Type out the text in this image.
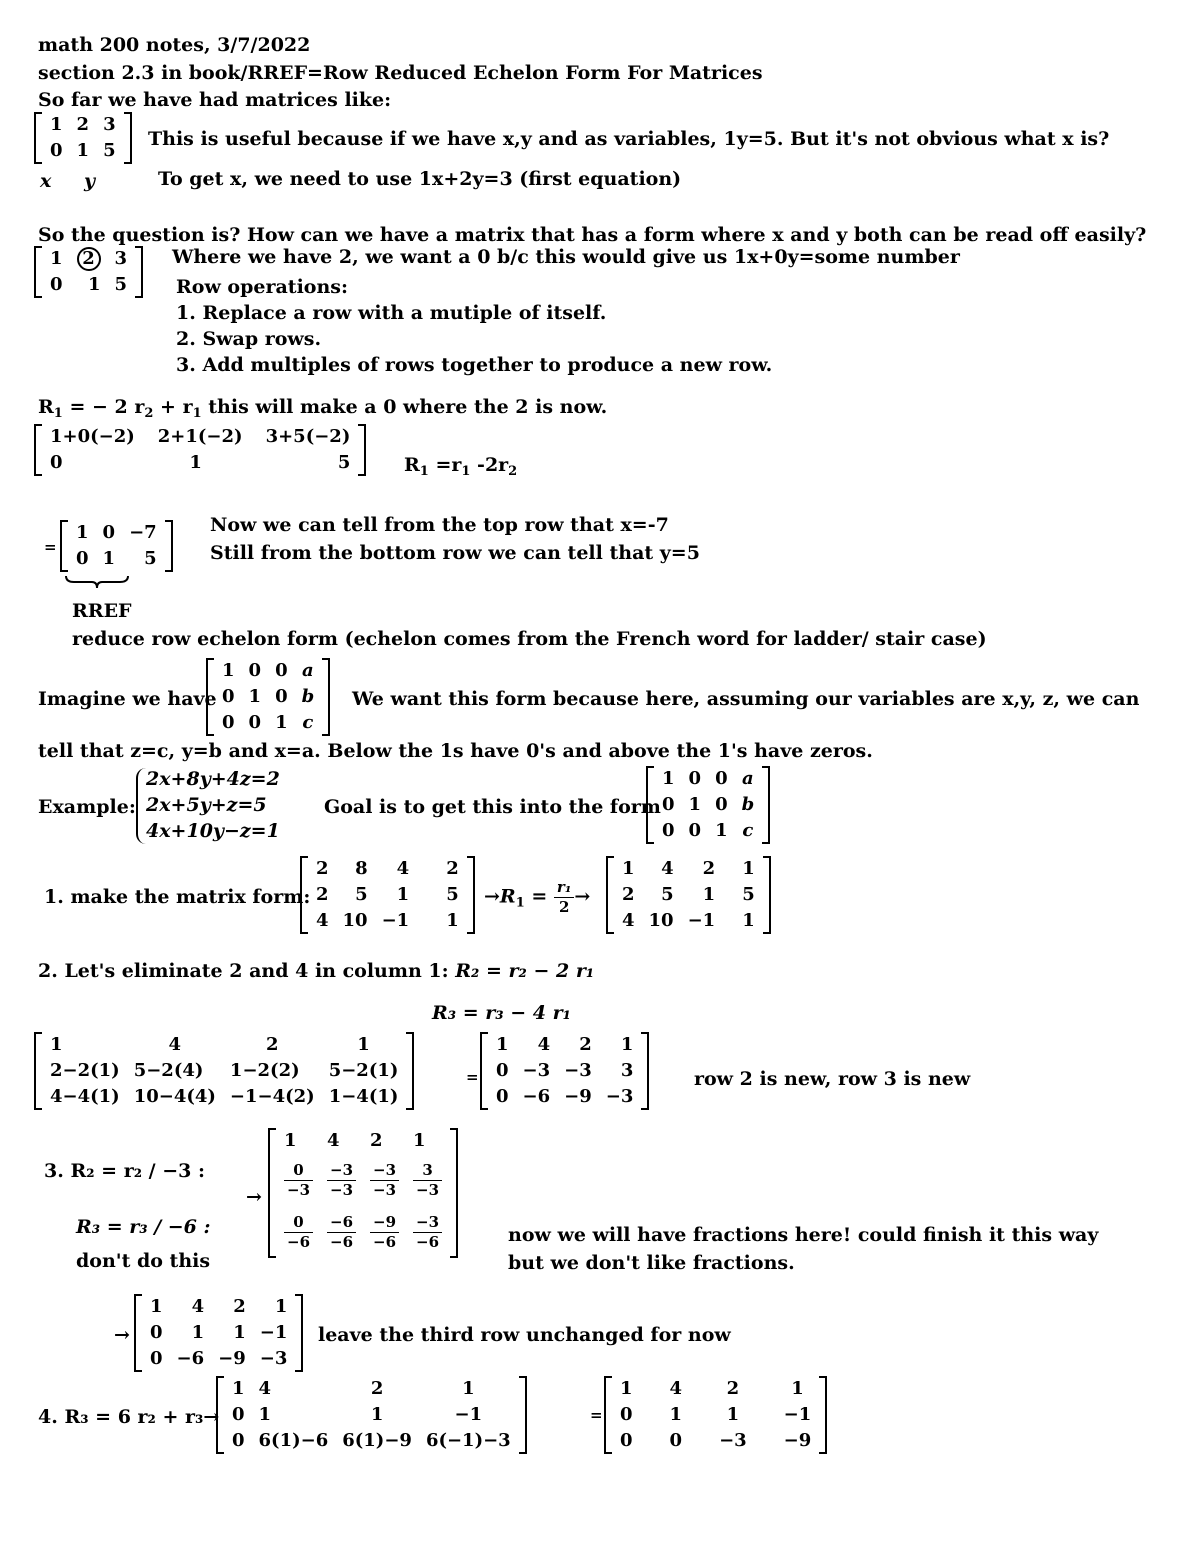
math 200 notes, 3/7/2022
section 2.3 in book/RREF=Row Reduced Echelon Form For Matrices
So far we have had matrices like:
1	2	3
0	1	5
This is useful because if we have x,y and as variables, 1y=5. But it's not obvious what x is?
x y	To get x, we need to use 1x+2y=3 (first equation)
So the question is? How can we have a matrix that has a form where x and y both can be read off easily?
1	2	3
0	1	5
Where we have 2, we want a 0 b/c this would give us 1x+0y=some number
Row operations:
1. Replace a row with a mutiple of itself.
2. Swap rows.
3. Add multiples of rows together to produce a new row.
$R_1$ = − 2 $r_2 + r_1$ this will make a 0 where the 2 is now.
1+0(−2)	2+1(−2)	3+5(−2)
0	1	5	$R_1 =r_1$ $-2r_2$
=
1	0	−7
0	1	5
Now we can tell from the top row that x=-7
Still from the bottom row we can tell that y=5
RREF
reduce row echelon form (echelon comes from the French word for ladder/ stair case)
Imagine we have
1	0	0	a
0	1	0	b
0	0	1	c
We want this form because here, assuming our variables are x,y, z, we can
tell that z=c, y=b and x=a. Below the 1s have 0's and above the 1's have zeros.
Example:
2x+8y+4z=2
2x+5y+z=5
4x+10y−z=1
Goal is to get this into the form
1	0	0	a
0	1	0	b
0	0	1	c
1. make the matrix form:
2	8	4	2
2	5	1	5
4	10	−1	1
$\to R_1 = \frac{\text{r₁}}{2}$ →
1	4	2	1
2	5	1	5
4	10	−1	1
2. Let's eliminate 2 and 4 in column 1: R₂ = r₂ − 2 r₁
R₃ = r₃ − 4 r₁
1	4	2	1
2−2(1)	5−2(4)	1−2(2)	5−2(1)
4−4(1)	10−4(4)	−1−4(2)	1−4(1)
=
1	4	2	1
0	−3	−3	3
0	−6	−9	−3
row 2 is new, row 3 is new
3. R₂ = r₂ / −3 :
R₃ = r₃ / −6 :
don't do this
→
1	4	2	1

$\frac{0}{-3}$	$\frac{-3}{-3}$	$\frac{-3}{-3}$	$\frac{3}{-3}$

$\frac{0}{-6}$	$\frac{-6}{-6}$	$\frac{-9}{-6}$	$\frac{-3}{-6}$	now we will have fractions here! could finish it this way
but we don't like fractions.
→
1	4	2	1
0	1	1	−1
0	−6	−9	−3
leave the third row unchanged for now
4. R₃ = 6 r₂ + r₃→
1	4	2	1
0	1	1	−1
0	6(1)−6	6(1)−9	6(−1)−3
=
1	4	2	1
0	1	1	−1
0	0	−3	−9
